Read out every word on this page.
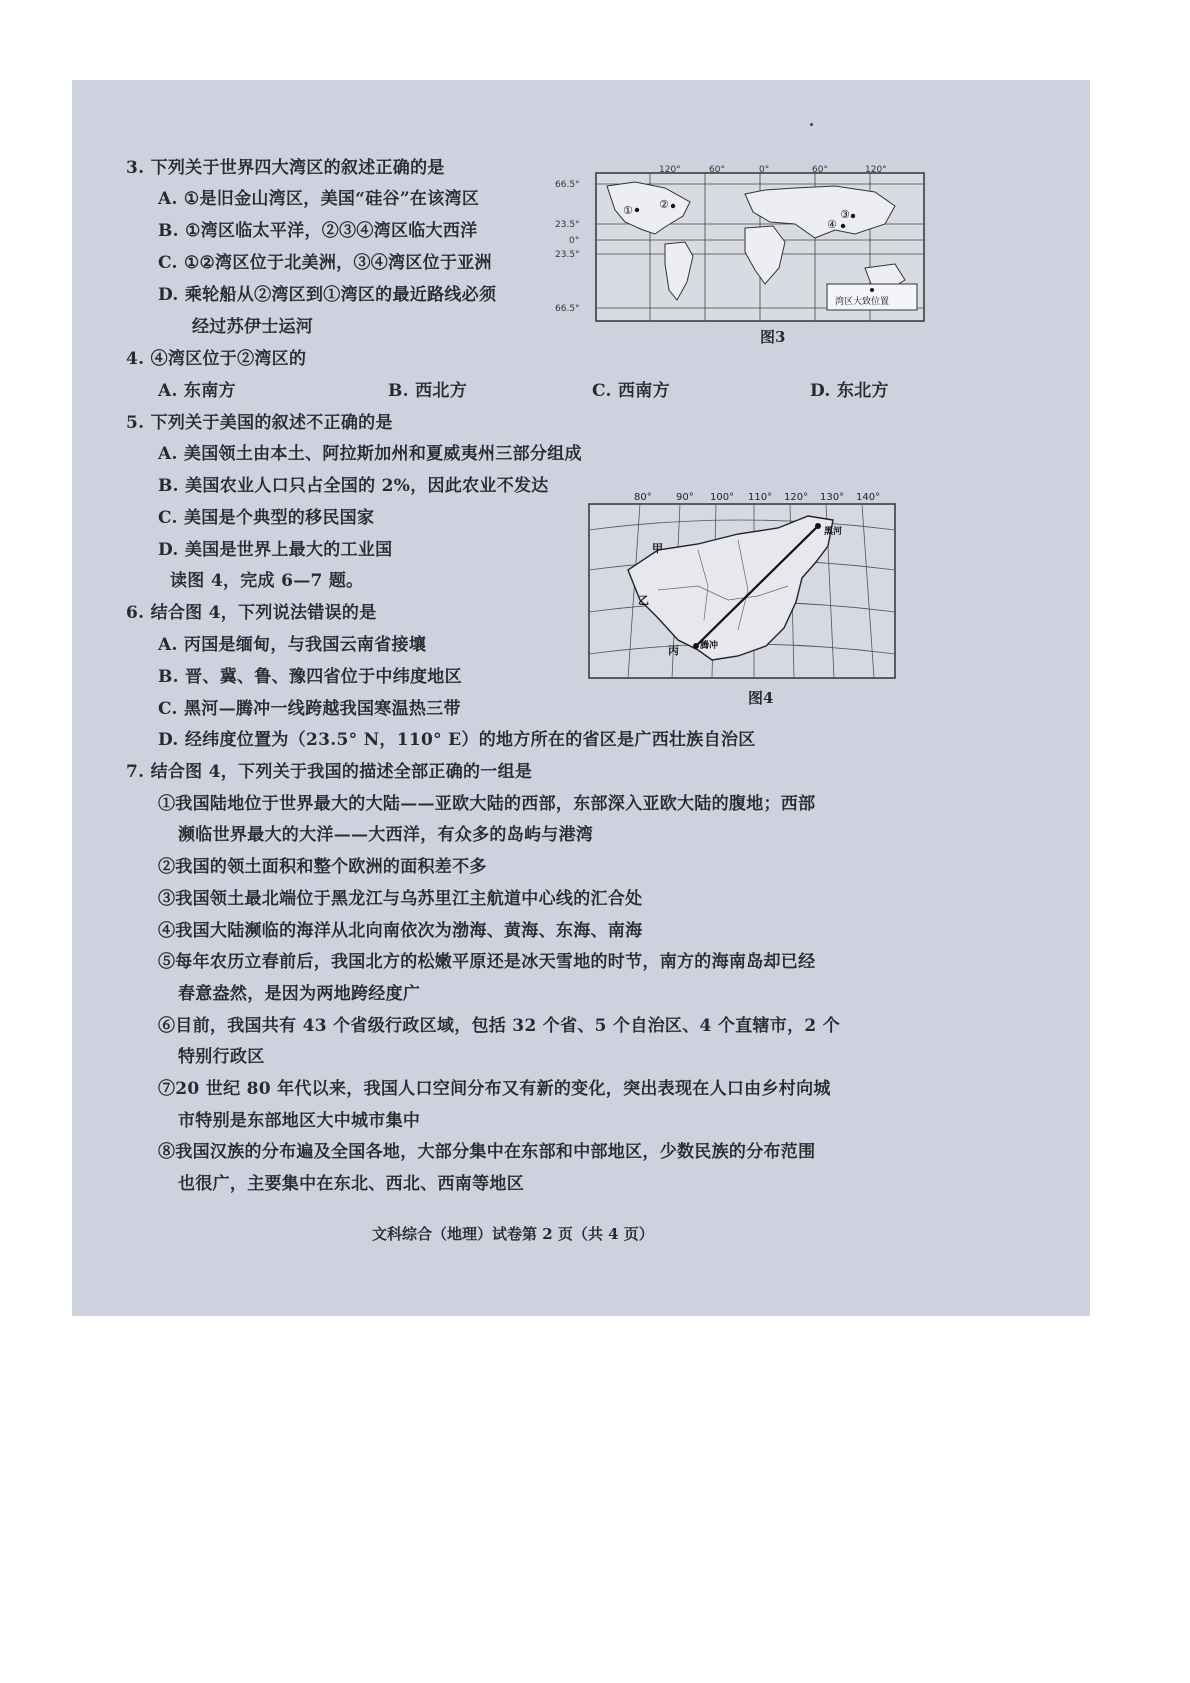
3. 下列关于世界四大湾区的叙述正确的是
A. ①是旧金山湾区，美国“硅谷”在该湾区
B. ①湾区临太平洋，②③④湾区临大西洋
C. ①②湾区位于北美洲，③④湾区位于亚洲
D. 乘轮船从②湾区到①湾区的最近路线必须
经过苏伊士运河
① ②
③
④
湾区大致位置
120°	60°	0°	60°	120°
66.5°
23.5°
0°
23.5°
66.5°
图3
4. ④湾区位于②湾区的
A. 东南方	B. 西北方	C. 西南方	D. 东北方
5. 下列关于美国的叙述不正确的是
A. 美国领土由本土、阿拉斯加州和夏威夷州三部分组成
B. 美国农业人口只占全国的 2%，因此农业不发达
C. 美国是个典型的移民国家
D. 美国是世界上最大的工业国
读图 4，完成 6—7 题。
80° 90° 100° 110° 120° 130° 140°
甲
乙
丙
黑河
腾冲
图4
6. 结合图 4，下列说法错误的是
A. 丙国是缅甸，与我国云南省接壤
B. 晋、冀、鲁、豫四省位于中纬度地区
C. 黑河—腾冲一线跨越我国寒温热三带
D. 经纬度位置为（23.5° N，110° E）的地方所在的省区是广西壮族自治区
7. 结合图 4，下列关于我国的描述全部正确的一组是
①我国陆地位于世界最大的大陆——亚欧大陆的西部，东部深入亚欧大陆的腹地；西部
濒临世界最大的大洋——大西洋，有众多的岛屿与港湾
②我国的领土面积和整个欧洲的面积差不多
③我国领土最北端位于黑龙江与乌苏里江主航道中心线的汇合处
④我国大陆濒临的海洋从北向南依次为渤海、黄海、东海、南海
⑤每年农历立春前后，我国北方的松嫩平原还是冰天雪地的时节，南方的海南岛却已经
春意盎然，是因为两地跨经度广
⑥目前，我国共有 43 个省级行政区域，包括 32 个省、5 个自治区、4 个直辖市，2 个
特别行政区
⑦20 世纪 80 年代以来，我国人口空间分布又有新的变化，突出表现在人口由乡村向城
市特别是东部地区大中城市集中
⑧我国汉族的分布遍及全国各地，大部分集中在东部和中部地区，少数民族的分布范围
也很广，主要集中在东北、西北、西南等地区
文科综合（地理）试卷第 2 页（共 4 页）
